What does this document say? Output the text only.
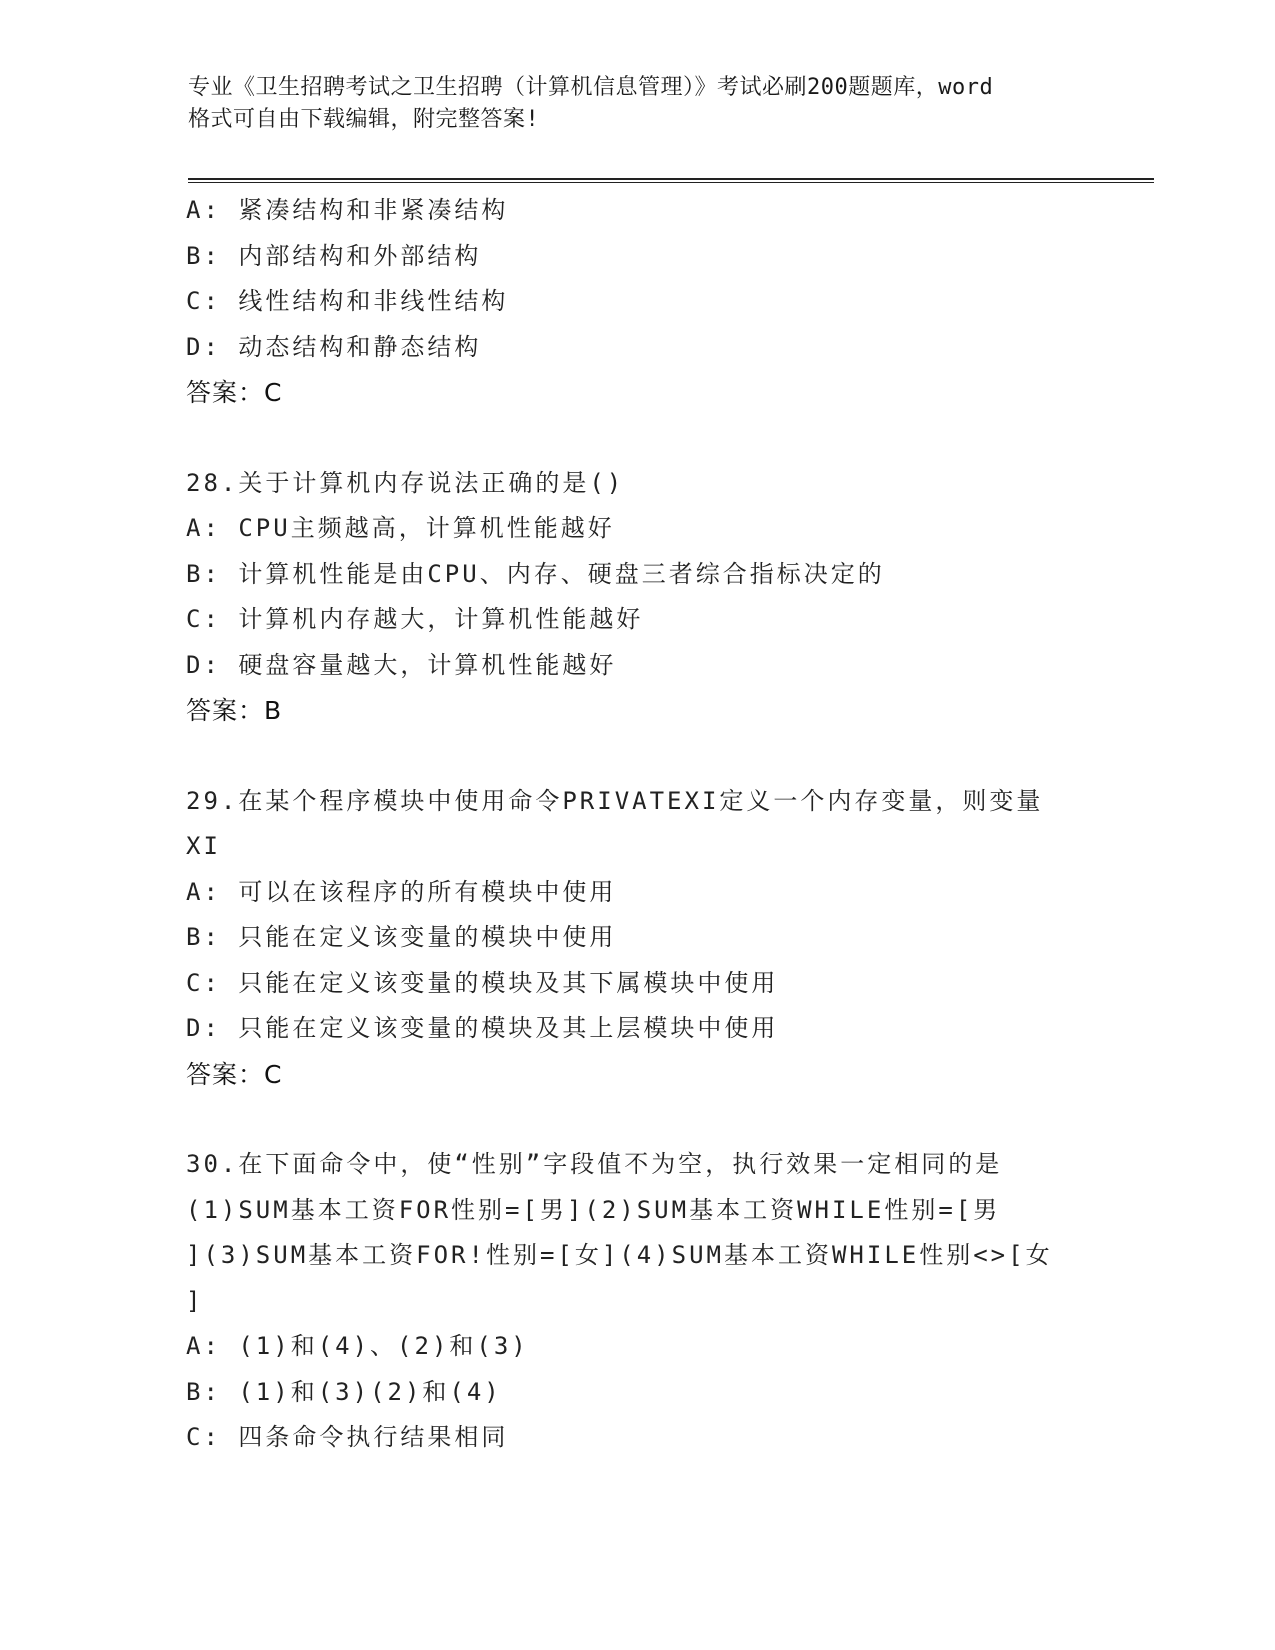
专业《卫生招聘考试之卫生招聘（计算机信息管理）》考试必刷200题题库，word
格式可自由下载编辑，附完整答案!
A: 紧凑结构和非紧凑结构
B: 内部结构和外部结构
C: 线性结构和非线性结构
D: 动态结构和静态结构
答案：C
28.关于计算机内存说法正确的是()
A: CPU主频越高，计算机性能越好
B: 计算机性能是由CPU、内存、硬盘三者综合指标决定的
C: 计算机内存越大，计算机性能越好
D: 硬盘容量越大，计算机性能越好
答案：B
29.在某个程序模块中使用命令PRIVATEXI定义一个内存变量，则变量
XI
A: 可以在该程序的所有模块中使用
B: 只能在定义该变量的模块中使用
C: 只能在定义该变量的模块及其下属模块中使用
D: 只能在定义该变量的模块及其上层模块中使用
答案：C
30.在下面命令中，使“性别”字段值不为空，执行效果一定相同的是
(1)SUM基本工资FOR性别=[男](2)SUM基本工资WHILE性别=[男
](3)SUM基本工资FOR!性别=[女](4)SUM基本工资WHILE性别<>[女
]
A: (1)和(4)、(2)和(3)
B: (1)和(3)(2)和(4)
C: 四条命令执行结果相同
